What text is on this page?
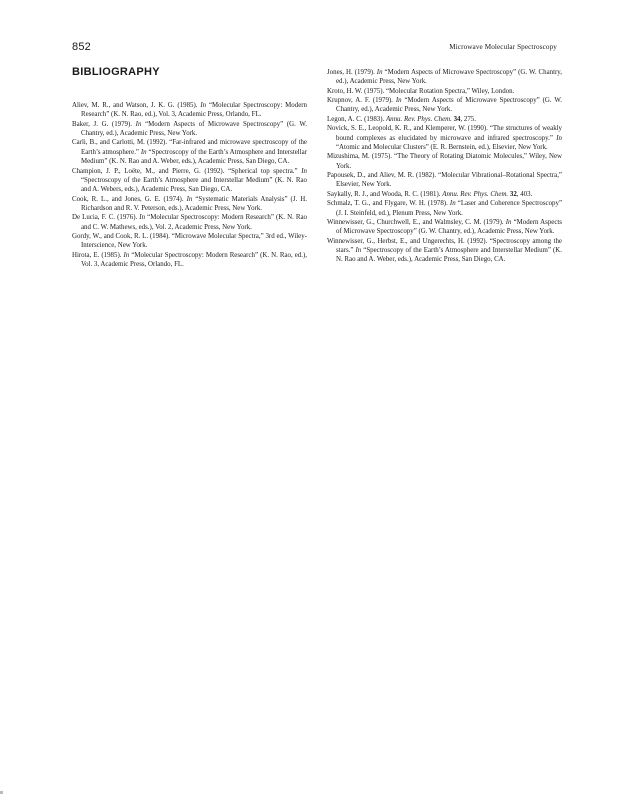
852	Microwave Molecular Spectroscopy
BIBLIOGRAPHY

Aliev, M. R., and Watson, J. K. G. (1985). In “Molecular Spectroscopy: Modern Research” (K. N. Rao, ed.), Vol. 3, Academic Press, Orlando, FL.

Baker, J. G. (1979). In “Modern Aspects of Microwave Spectroscopy” (G. W. Chantry, ed.), Academic Press, New York.

Carli, B., and Carlotti, M. (1992). “Far-infrared and microwave spectroscopy of the Earth’s atmosphere.” In “Spectroscopy of the Earth’s Atmosphere and Interstellar Medium” (K. N. Rao and A. Weber, eds.), Academic Press, San Diego, CA.

Champion, J. P., Loëte, M., and Pierre, G. (1992). “Spherical top spectra.” In “Spectroscopy of the Earth’s Atmosphere and Interstellar Medium” (K. N. Rao and A. Webers, eds.), Academic Press, San Diego, CA.

Cook, R. L., and Jones, G. E. (1974). In “Systematic Materials Analysis” (J. H. Richardson and R. V. Peterson, eds.), Academic Press, New York.

De Lucia, F. C. (1976). In “Molecular Spectroscopy: Modern Research” (K. N. Rao and C. W. Mathews, eds.), Vol. 2, Academic Press, New York.

Gordy, W., and Cook, R. L. (1984). “Microwave Molecular Spectra,” 3rd ed., Wiley-Interscience, New York.

Hirota, E. (1985). In “Molecular Spectroscopy: Modern Research” (K. N. Rao, ed.), Vol. 3, Academic Press, Orlando, FL.

Jones, H. (1979). In “Modern Aspects of Microwave Spectroscopy” (G. W. Chantry, ed.), Academic Press, New York.

Kroto, H. W. (1975). “Molecular Rotation Spectra,” Wiley, London.

Krupnov, A. F. (1979). In “Modern Aspects of Microwave Spectroscopy” (G. W. Chantry, ed.), Academic Press, New York.

Legon, A. C. (1983). Annu. Rev. Phys. Chem. 34, 275.

Novick, S. E., Leopold, K. R., and Klemperer, W. (1990). “The structures of weakly bound complexes as elucidated by microwave and infrared spectroscopy.” In “Atomic and Molecular Clusters” (E. R. Bernstein, ed.), Elsevier, New York.

Mizushima, M. (1975). “The Theory of Rotating Diatomic Molecules,” Wiley, New York.

Papousek, D., and Aliev, M. R. (1982). “Molecular Vibrational–Rotational Spectra,” Elsevier, New York.

Saykally, R. J., and Wooda, R. C. (1981). Annu. Rev. Phys. Chem. 32, 403.

Schmalz, T. G., and Flygare, W. H. (1978). In “Laser and Coherence Spectroscopy” (J. I. Steinfeld, ed.), Plenum Press, New York.

Winnewisser, G., Churchwell, E., and Walmsley, C. M. (1979). In “Modern Aspects of Microwave Spectroscopy” (G. W. Chantry, ed.), Academic Press, New York.

Winnewisser, G., Herbst, E., and Ungerechts, H. (1992). “Spectroscopy among the stars.” In “Spectroscopy of the Earth’s Atmosphere and Interstellar Medium” (K. N. Rao and A. Weber, eds.), Academic Press, San Diego, CA.
